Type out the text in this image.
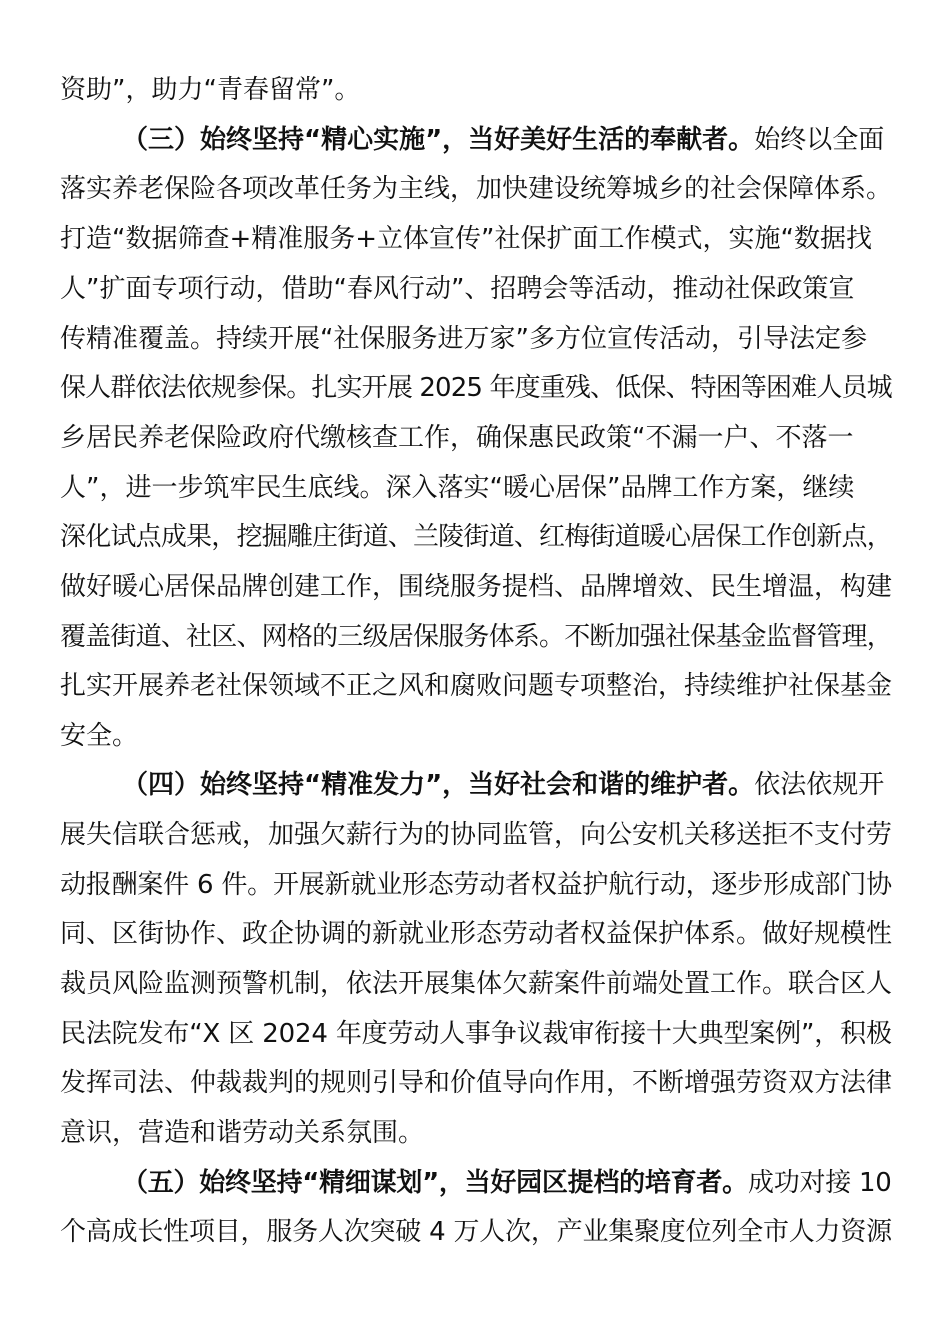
资助”，助力“青春留常”。
（三）始终坚持“精心实施”，当好美好生活的奉献者。始终以全面
落实养老保险各项改革任务为主线，加快建设统筹城乡的社会保障体系。
打造“数据筛查+精准服务+立体宣传”社保扩面工作模式，实施“数据找
人”扩面专项行动，借助“春风行动”、招聘会等活动，推动社保政策宣
传精准覆盖。持续开展“社保服务进万家”多方位宣传活动，引导法定参
保人群依法依规参保。扎实开展 2025 年度重残、低保、特困等困难人员城
乡居民养老保险政府代缴核查工作，确保惠民政策“不漏一户、不落一
人”，进一步筑牢民生底线。深入落实“暖心居保”品牌工作方案，继续
深化试点成果，挖掘雕庄街道、兰陵街道、红梅街道暖心居保工作创新点，
做好暖心居保品牌创建工作，围绕服务提档、品牌增效、民生增温，构建
覆盖街道、社区、网格的三级居保服务体系。不断加强社保基金监督管理，
扎实开展养老社保领域不正之风和腐败问题专项整治，持续维护社保基金
安全。
（四）始终坚持“精准发力”，当好社会和谐的维护者。依法依规开
展失信联合惩戒，加强欠薪行为的协同监管，向公安机关移送拒不支付劳
动报酬案件 6 件。开展新就业形态劳动者权益护航行动，逐步形成部门协
同、区街协作、政企协调的新就业形态劳动者权益保护体系。做好规模性
裁员风险监测预警机制，依法开展集体欠薪案件前端处置工作。联合区人
民法院发布“X 区 2024 年度劳动人事争议裁审衔接十大典型案例”，积极
发挥司法、仲裁裁判的规则引导和价值导向作用，不断增强劳资双方法律
意识，营造和谐劳动关系氛围。
（五）始终坚持“精细谋划”，当好园区提档的培育者。成功对接 10
个高成长性项目，服务人次突破 4 万人次，产业集聚度位列全市人力资源
